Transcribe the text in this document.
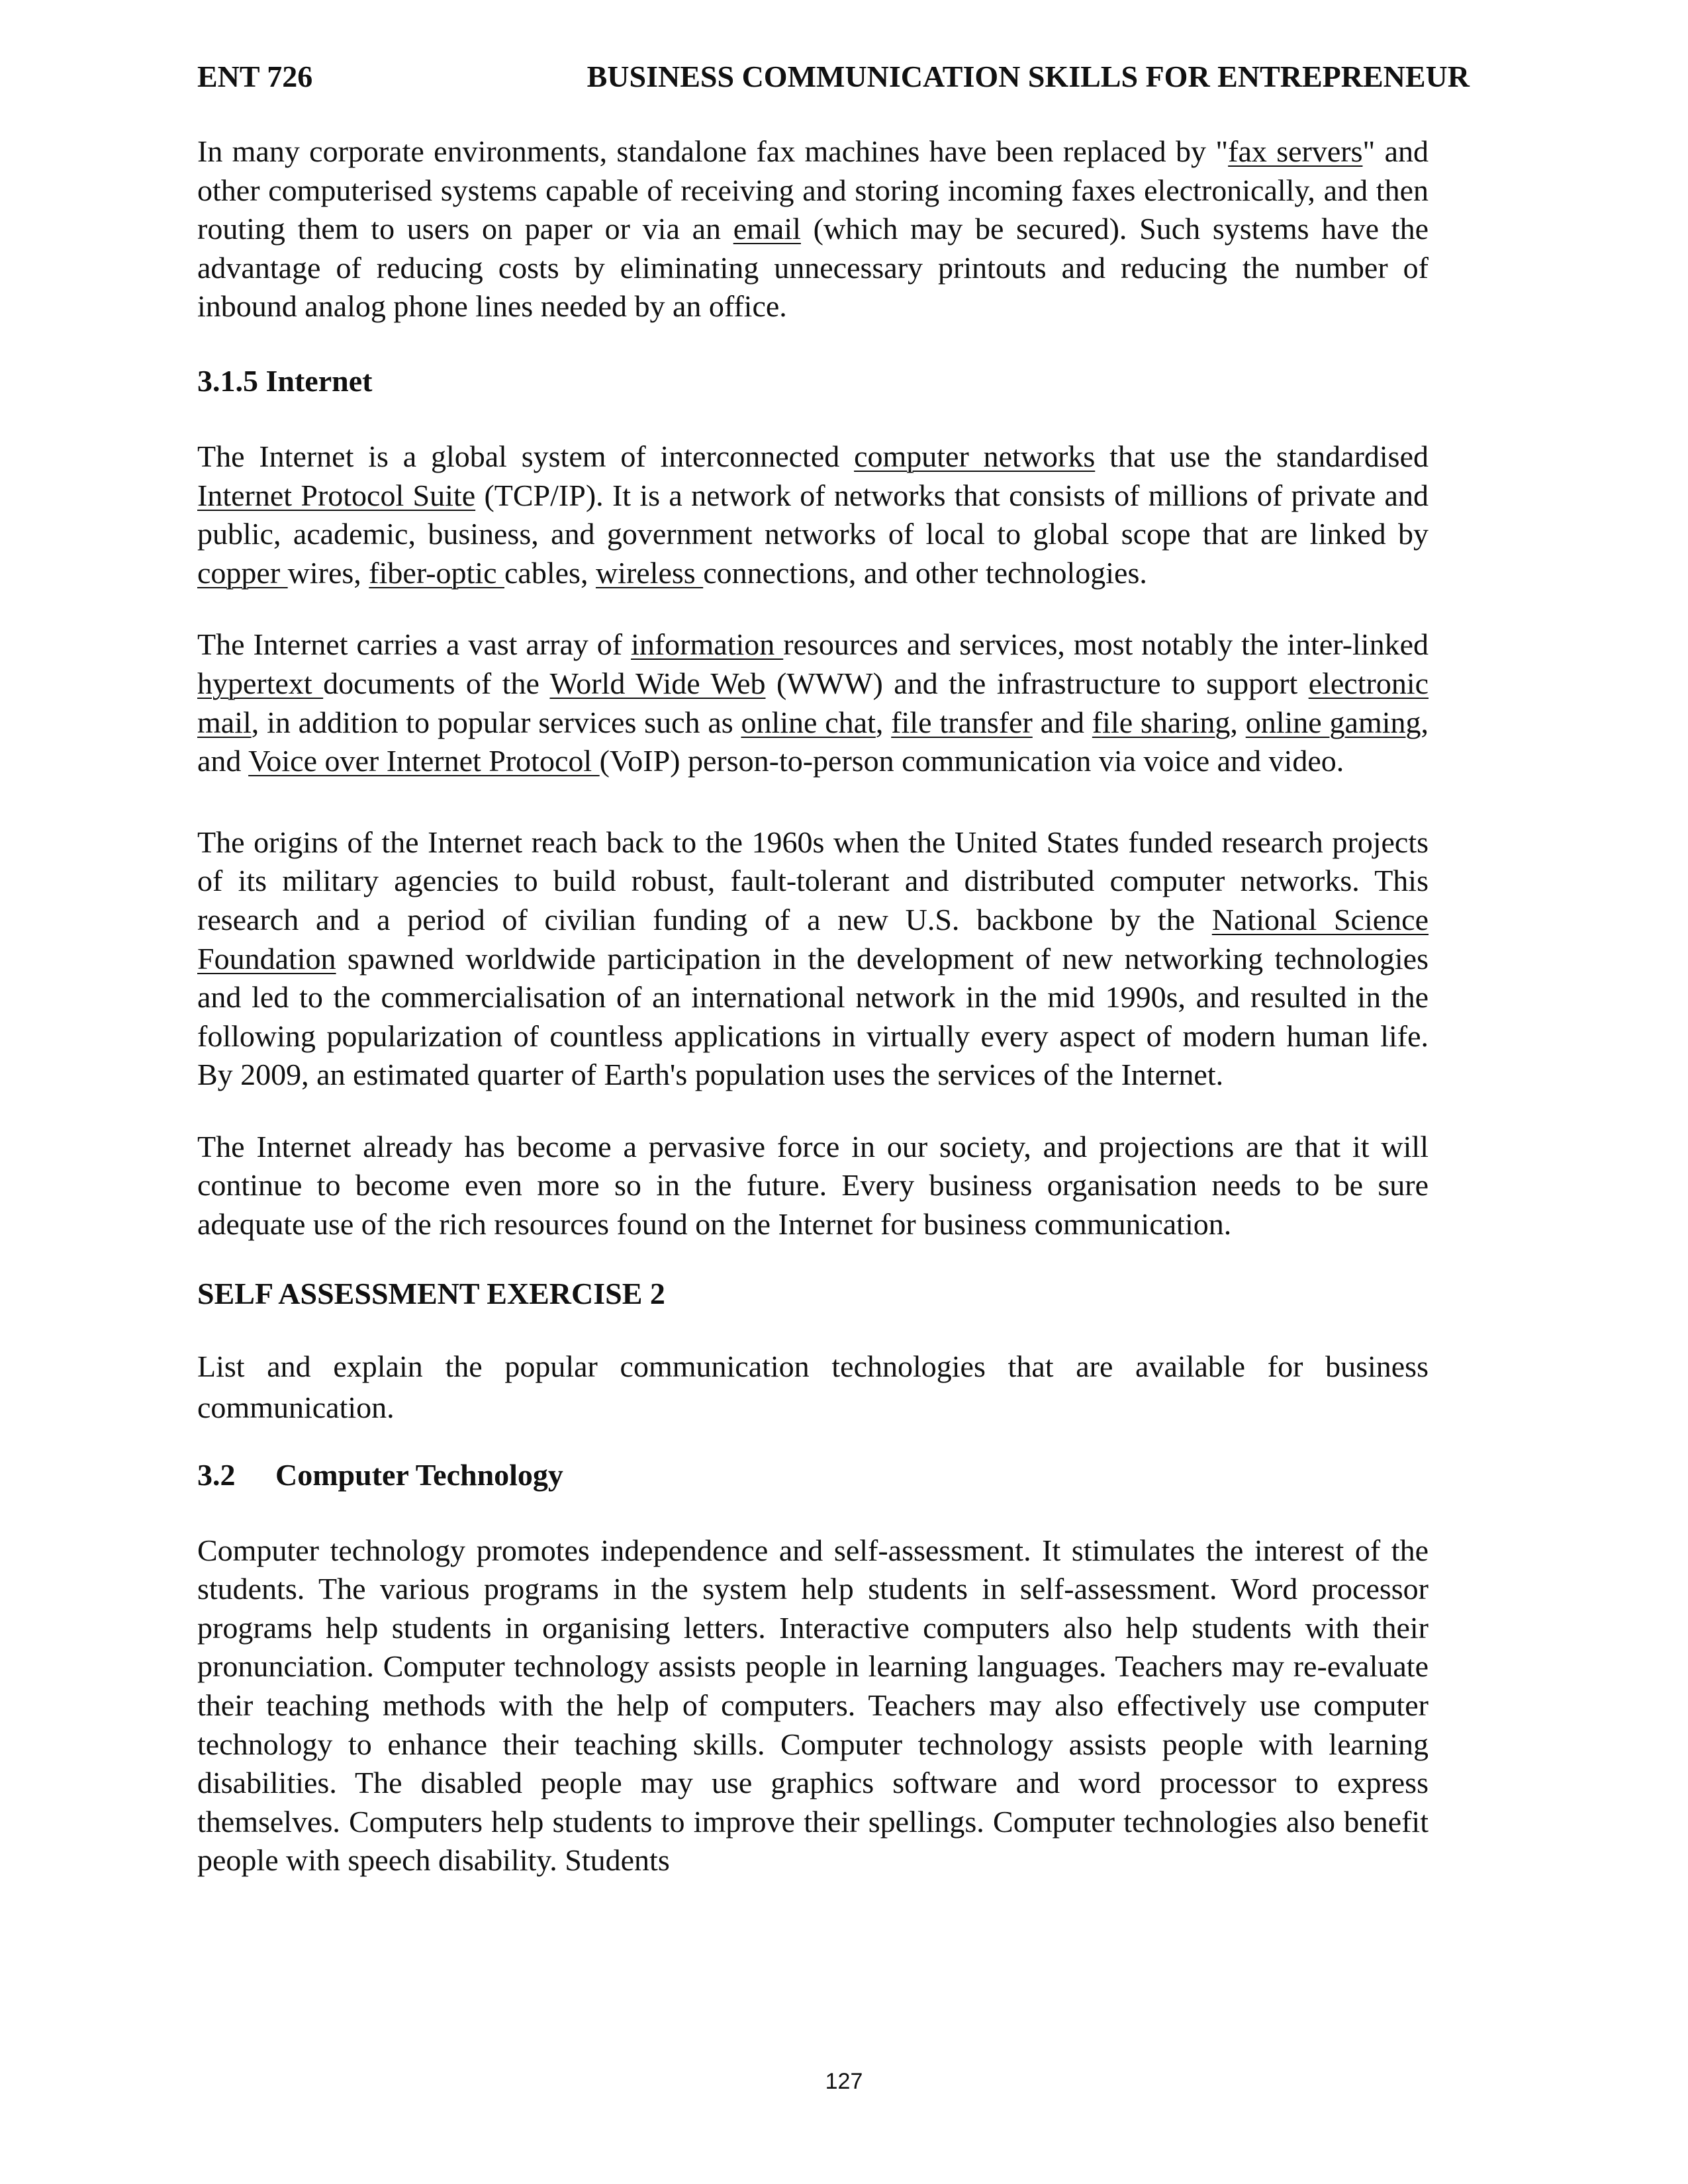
ENT 726	BUSINESS COMMUNICATION SKILLS FOR ENTREPRENEUR

In many corporate environments, standalone fax machines have been replaced by "fax servers" and other computerised systems capable of receiving and storing incoming faxes electronically, and then routing them to users on paper or via an email (which may be secured). Such systems have the advantage of reducing costs by eliminating unnecessary printouts and reducing the number of inbound analog phone lines needed by an office.

3.1.5 Internet

The Internet is a global system of interconnected computer networks that use the standardised Internet Protocol Suite (TCP/IP). It is a network of networks that consists of millions of private and public, academic, business, and government networks of local to global scope that are linked by copper wires, fiber-optic cables, wireless connections, and other technologies.

The Internet carries a vast array of information resources and services, most notably the inter-linked hypertext documents of the World Wide Web (WWW) and the infrastructure to support electronic mail, in addition to popular services such as online chat, file transfer and file sharing, online gaming, and Voice over Internet Protocol (VoIP) person-to-person communication via voice and video.

The origins of the Internet reach back to the 1960s when the United States funded research projects of its military agencies to build robust, fault-tolerant and distributed computer networks. This research and a period of civilian funding of a new U.S. backbone by the National Science Foundation spawned worldwide participation in the development of new networking technologies and led to the commercialisation of an international network in the mid 1990s, and resulted in the following popularization of countless applications in virtually every aspect of modern human life. By 2009, an estimated quarter of Earth's population uses the services of the Internet.

The Internet already has become a pervasive force in our society, and projections are that it will continue to become even more so in the future. Every business organisation needs to be sure adequate use of the rich resources found on the Internet for business communication.

SELF ASSESSMENT EXERCISE 2

List and explain the popular communication technologies that are available for business communication.

3.2 Computer Technology

Computer technology promotes independence and self-assessment. It stimulates the interest of the students. The various programs in the system help students in self-assessment. Word processor programs help students in organising letters. Interactive computers also help students with their pronunciation. Computer technology assists people in learning languages. Teachers may re-evaluate their teaching methods with the help of computers. Teachers may also effectively use computer technology to enhance their teaching skills. Computer technology assists people with learning disabilities. The disabled people may use graphics software and word processor to express themselves. Computers help students to improve their spellings. Computer technologies also benefit people with speech disability. Students

127
